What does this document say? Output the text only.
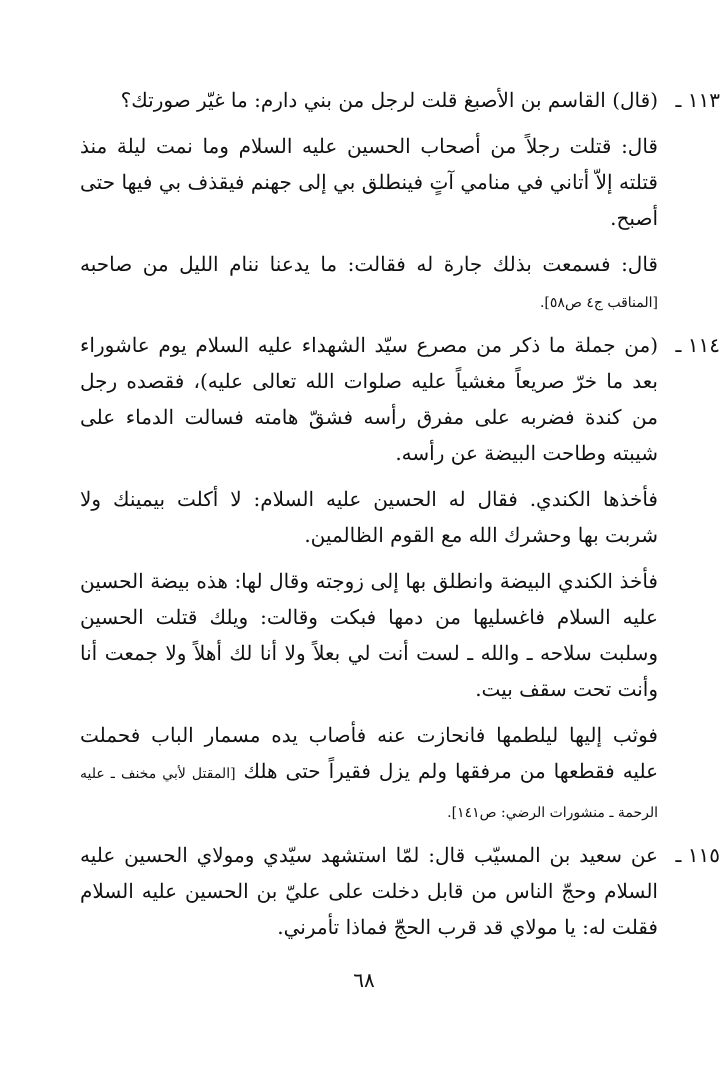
١١٣ ـ
(قال) القاسم بن الأصبغ قلت لرجل من بني دارم: ما غيّر صورتك؟
قال: قتلت رجلاً من أصحاب الحسين عليه السلام وما نمت ليلة منذ قتلته إلاّ أتاني في منامي آتٍ فينطلق بي إلى جهنم فيقذف بي فيها حتى أصبح.
قال: فسمعت بذلك جارة له فقالت: ما يدعنا ننام الليل من صاحبه [المناقب ج٤ ص٥٨].
١١٤ ـ
(من جملة ما ذكر من مصرع سيّد الشهداء عليه السلام يوم عاشوراء بعد ما خرّ صريعاً مغشياً عليه صلوات الله تعالى عليه)، فقصده رجل من كندة فضربه على مفرق رأسه فشقّ هامته فسالت الدماء على شيبته وطاحت البيضة عن رأسه.
فأخذها الكندي. فقال له الحسين عليه السلام: لا أكلت بيمينك ولا شربت بها وحشرك الله مع القوم الظالمين.
فأخذ الكندي البيضة وانطلق بها إلى زوجته وقال لها: هذه بيضة الحسين عليه السلام فاغسليها من دمها فبكت وقالت: ويلك قتلت الحسين وسلبت سلاحه ـ والله ـ لست أنت لي بعلاً ولا أنا لك أهلاً ولا جمعت أنا وأنت تحت سقف بيت.
فوثب إليها ليلطمها فانحازت عنه فأصاب يده مسمار الباب فحملت عليه فقطعها من مرفقها ولم يزل فقيراً حتى هلك [المقتل لأبي مخنف ـ عليه الرحمة ـ منشورات الرضي: ص١٤١].
١١٥ ـ
عن سعيد بن المسيّب قال: لمّا استشهد سيّدي ومولاي الحسين عليه السلام وحجّ الناس من قابل دخلت على عليّ بن الحسين عليه السلام فقلت له: يا مولاي قد قرب الحجّ فماذا تأمرني.
٦٨
